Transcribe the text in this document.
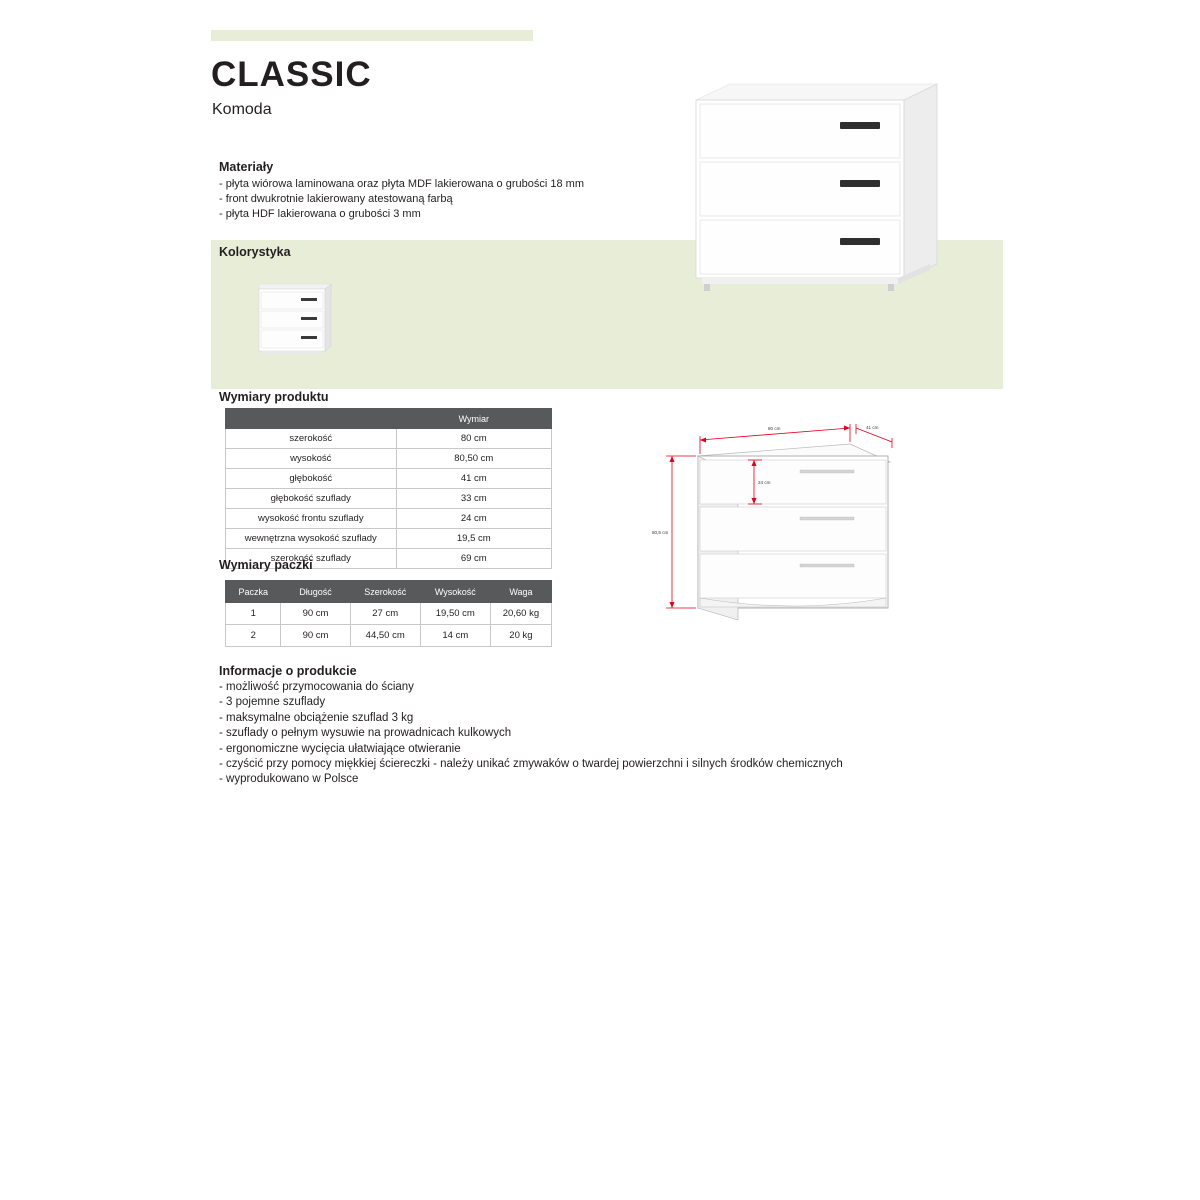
CLASSIC
Komoda
Materiały
- płyta wiórowa laminowana oraz płyta MDF lakierowana o grubości 18 mm
- front dwukrotnie lakierowany atestowaną farbą
- płyta HDF lakierowana o grubości 3 mm
Kolorystyka
Wymiary produktu
	Wymiar
szerokość	80 cm
wysokość	80,50 cm
głębokość	41 cm
głębokość szuflady	33 cm
wysokość frontu szuflady	24 cm
wewnętrzna wysokość szuflady	19,5 cm
szerokość szuflady	69 cm
80 cm	41 cm
80,5 cm
24 cm
Wymiary paczki
Paczka	Długość	Szerokość	Wysokość	Waga
1	90 cm	27 cm	19,50 cm	20,60 kg
2	90 cm	44,50 cm	14 cm	20 kg
Informacje o produkcie
- możliwość przymocowania do ściany
- 3 pojemne szuflady
- maksymalne obciążenie szuflad 3 kg
- szuflady o pełnym wysuwie na prowadnicach kulkowych
- ergonomiczne wycięcia ułatwiające otwieranie
- czyścić przy pomocy miękkiej ściereczki - należy unikać zmywaków o twardej powierzchni i silnych środków chemicznych
- wyprodukowano w Polsce
